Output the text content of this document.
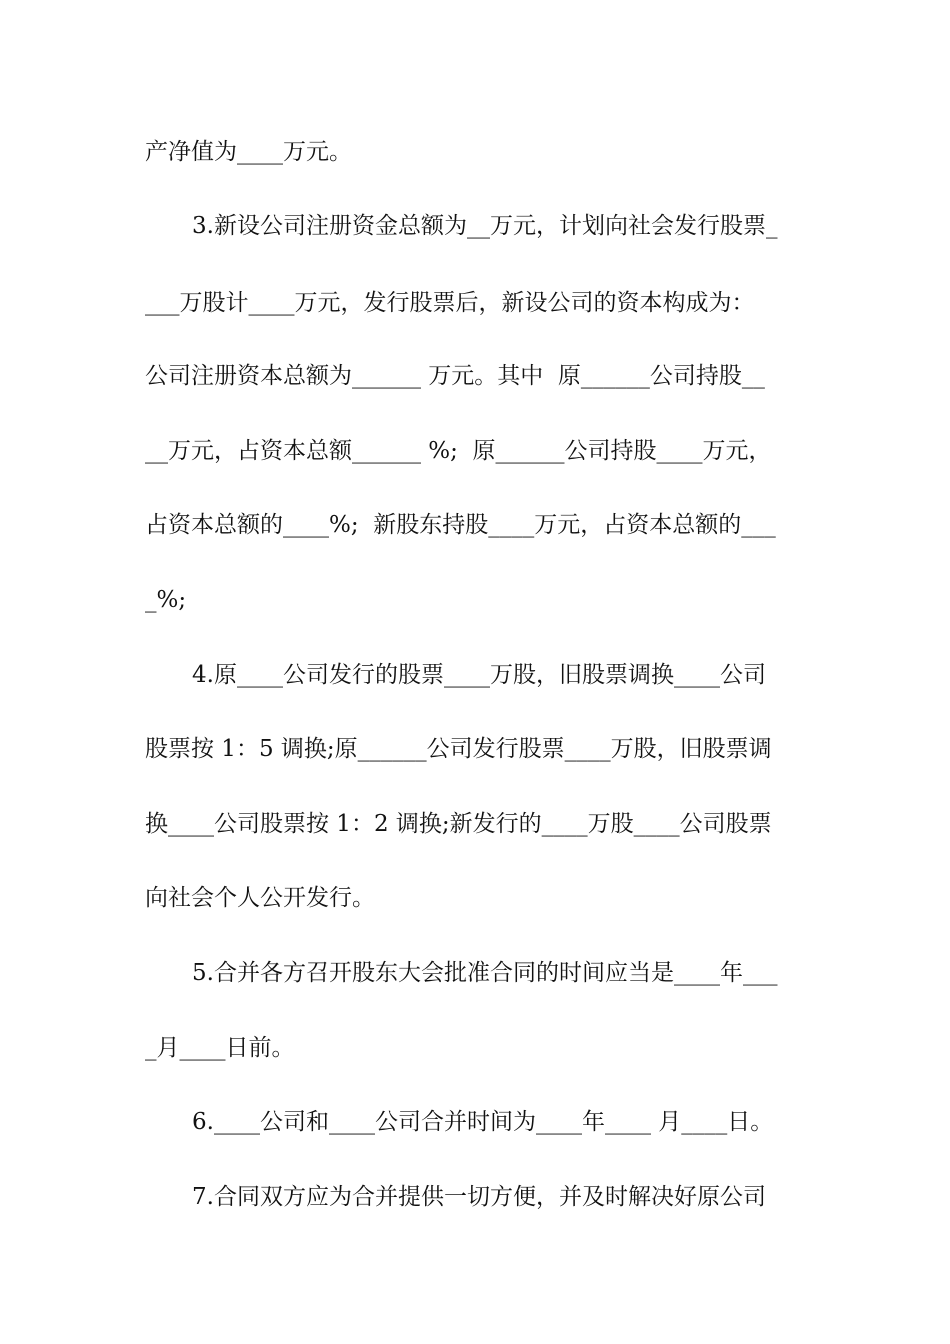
产净值为____万元。
3.新设公司注册资金总额为__万元，计划向社会发行股票_
___万股计____万元，发行股票后，新设公司的资本构成为：
公司注册资本总额为______ 万元。其中  原______公司持股__
__万元，占资本总额______ %;  原______公司持股____万元，
占资本总额的____%;  新股东持股____万元，占资本总额的___
_%;
4.原____公司发行的股票____万股，旧股票调换____公司
股票按 1：5 调换;原______公司发行股票____万股，旧股票调
换____公司股票按 1：2 调换;新发行的____万股____公司股票
向社会个人公开发行。
5.合并各方召开股东大会批准合同的时间应当是____年___
_月____日前。
6.____公司和____公司合并时间为____年____ 月____日。
7.合同双方应为合并提供一切方便，并及时解决好原公司
